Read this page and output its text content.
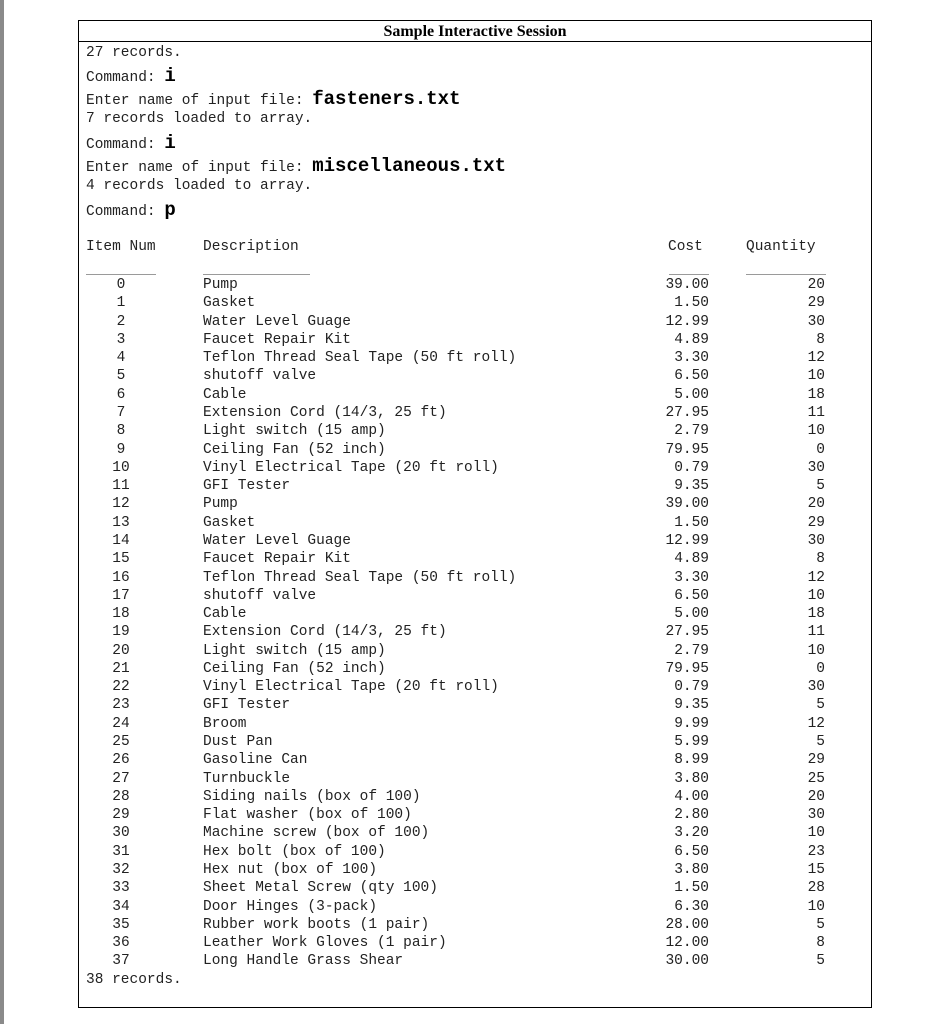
Sample Interactive Session
27 records.
Command: i
Enter name of input file: fasteners.txt
7 records loaded to array.
Command: i
Enter name of input file: miscellaneous.txt
4 records loaded to array.
Command: p
Item Num	Description	Cost	Quantity
0	Pump	39.00	20
1	Gasket	1.50	29
2	Water Level Guage	12.99	30
3	Faucet Repair Kit	4.89	8
4	Teflon Thread Seal Tape (50 ft roll)	3.30	12
5	shutoff valve	6.50	10
6	Cable	5.00	18
7	Extension Cord (14/3, 25 ft)	27.95	11
8	Light switch (15 amp)	2.79	10
9	Ceiling Fan (52 inch)	79.95	0
10	Vinyl Electrical Tape (20 ft roll)	0.79	30
11	GFI Tester	9.35	5
12	Pump	39.00	20
13	Gasket	1.50	29
14	Water Level Guage	12.99	30
15	Faucet Repair Kit	4.89	8
16	Teflon Thread Seal Tape (50 ft roll)	3.30	12
17	shutoff valve	6.50	10
18	Cable	5.00	18
19	Extension Cord (14/3, 25 ft)	27.95	11
20	Light switch (15 amp)	2.79	10
21	Ceiling Fan (52 inch)	79.95	0
22	Vinyl Electrical Tape (20 ft roll)	0.79	30
23	GFI Tester	9.35	5
24	Broom	9.99	12
25	Dust Pan	5.99	5
26	Gasoline Can	8.99	29
27	Turnbuckle	3.80	25
28	Siding nails (box of 100)	4.00	20
29	Flat washer (box of 100)	2.80	30
30	Machine screw (box of 100)	3.20	10
31	Hex bolt (box of 100)	6.50	23
32	Hex nut (box of 100)	3.80	15
33	Sheet Metal Screw (qty 100)	1.50	28
34	Door Hinges (3-pack)	6.30	10
35	Rubber work boots (1 pair)	28.00	5
36	Leather Work Gloves (1 pair)	12.00	8
37	Long Handle Grass Shear	30.00	5
38 records.
